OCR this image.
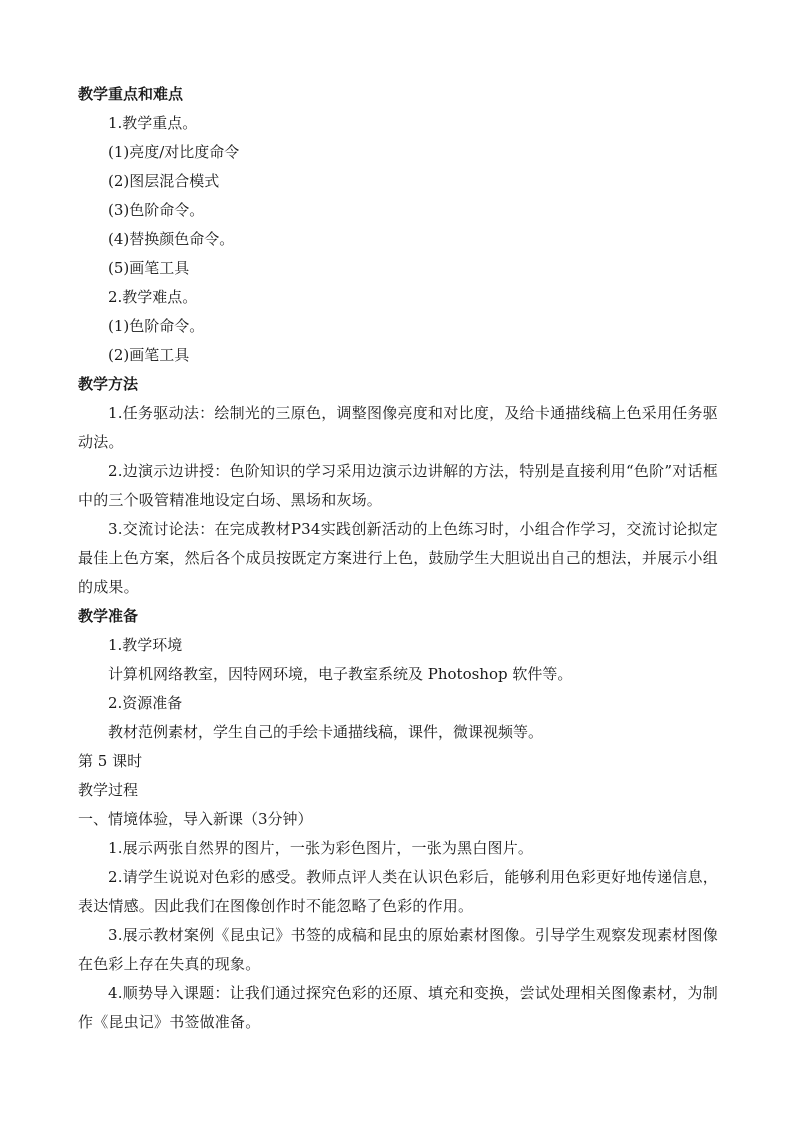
教学重点和难点
1.教学重点。
(1)亮度/对比度命令
(2)图层混合模式
(3)色阶命令。
(4)替换颜色命令。
(5)画笔工具
2.教学难点。
(1)色阶命令。
(2)画笔工具
教学方法
1.任务驱动法：绘制光的三原色，调整图像亮度和对比度，及给卡通描线稿上色采用任务驱动法。
2.边演示边讲授：色阶知识的学习采用边演示边讲解的方法，特别是直接利用“色阶”对话框中的三个吸管精准地设定白场、黑场和灰场。
3.交流讨论法：在完成教材P34实践创新活动的上色练习时，小组合作学习，交流讨论拟定最佳上色方案，然后各个成员按既定方案进行上色，鼓励学生大胆说出自己的想法，并展示小组的成果。
教学准备
1.教学环境
计算机网络教室，因特网环境，电子教室系统及 Photoshop 软件等。
2.资源准备
教材范例素材，学生自己的手绘卡通描线稿，课件，微课视频等。
第 5 课时
教学过程
一、情境体验，导入新课（3分钟）
1.展示两张自然界的图片，一张为彩色图片，一张为黑白图片。
2.请学生说说对色彩的感受。教师点评人类在认识色彩后，能够利用色彩更好地传递信息，表达情感。因此我们在图像创作时不能忽略了色彩的作用。
3.展示教材案例《昆虫记》书签的成稿和昆虫的原始素材图像。引导学生观察发现素材图像在色彩上存在失真的现象。
4.顺势导入课题：让我们通过探究色彩的还原、填充和变换，尝试处理相关图像素材，为制作《昆虫记》书签做准备。
